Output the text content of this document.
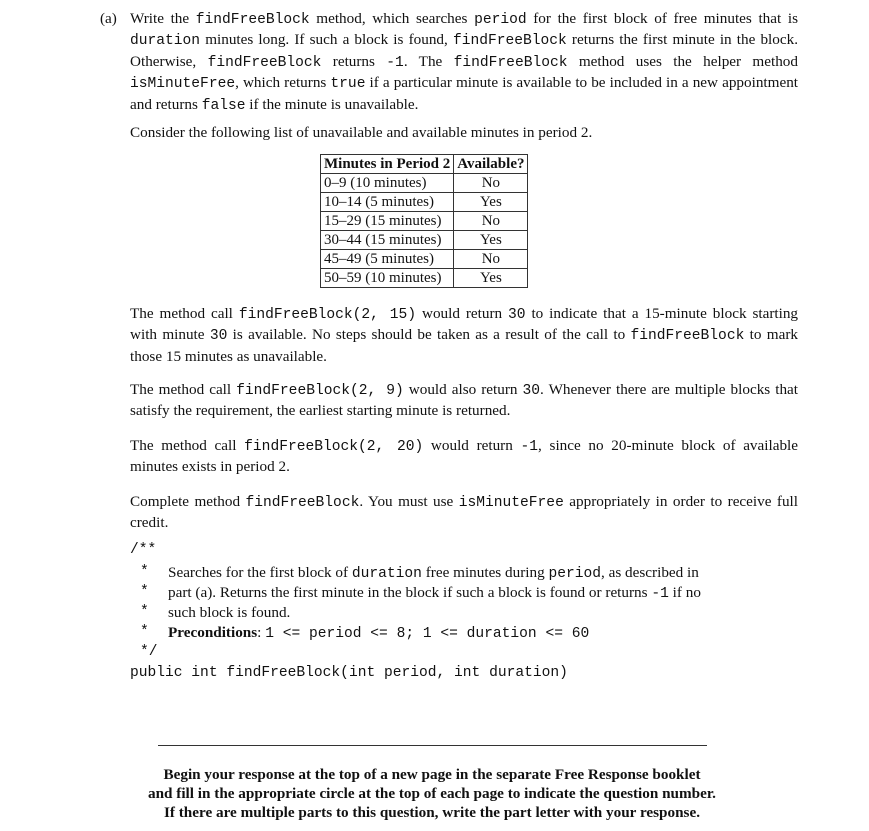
(a) Write the findFreeBlock method, which searches period for the first block of free minutes that is duration minutes long. If such a block is found, findFreeBlock returns the first minute in the block. Otherwise, findFreeBlock returns -1. The findFreeBlock method uses the helper method isMinuteFree, which returns true if a particular minute is available to be included in a new appointment and returns false if the minute is unavailable.

Consider the following list of unavailable and available minutes in period 2.

Minutes in Period 2	Available?
0–9 (10 minutes)	No
10–14 (5 minutes)	Yes
15–29 (15 minutes)	No
30–44 (15 minutes)	Yes
45–49 (5 minutes)	No
50–59 (10 minutes)	Yes

The method call findFreeBlock(2, 15) would return 30 to indicate that a 15-minute block starting with minute 30 is available. No steps should be taken as a result of the call to findFreeBlock to mark those 15 minutes as unavailable.

The method call findFreeBlock(2, 9) would also return 30. Whenever there are multiple blocks that satisfy the requirement, the earliest starting minute is returned.

The method call findFreeBlock(2, 20) would return -1, since no 20-minute block of available minutes exists in period 2.

Complete method findFreeBlock. You must use isMinuteFree appropriately in order to receive full credit.

/**
* Searches for the first block of duration free minutes during period, as described in
* part (a). Returns the first minute in the block if such a block is found or returns -1 if no
* such block is found.
* Preconditions: 1 <= period <= 8; 1 <= duration <= 60
*/
public int findFreeBlock(int period, int duration)
Begin your response at the top of a new page in the separate Free Response booklet
and fill in the appropriate circle at the top of each page to indicate the question number.
If there are multiple parts to this question, write the part letter with your response.
